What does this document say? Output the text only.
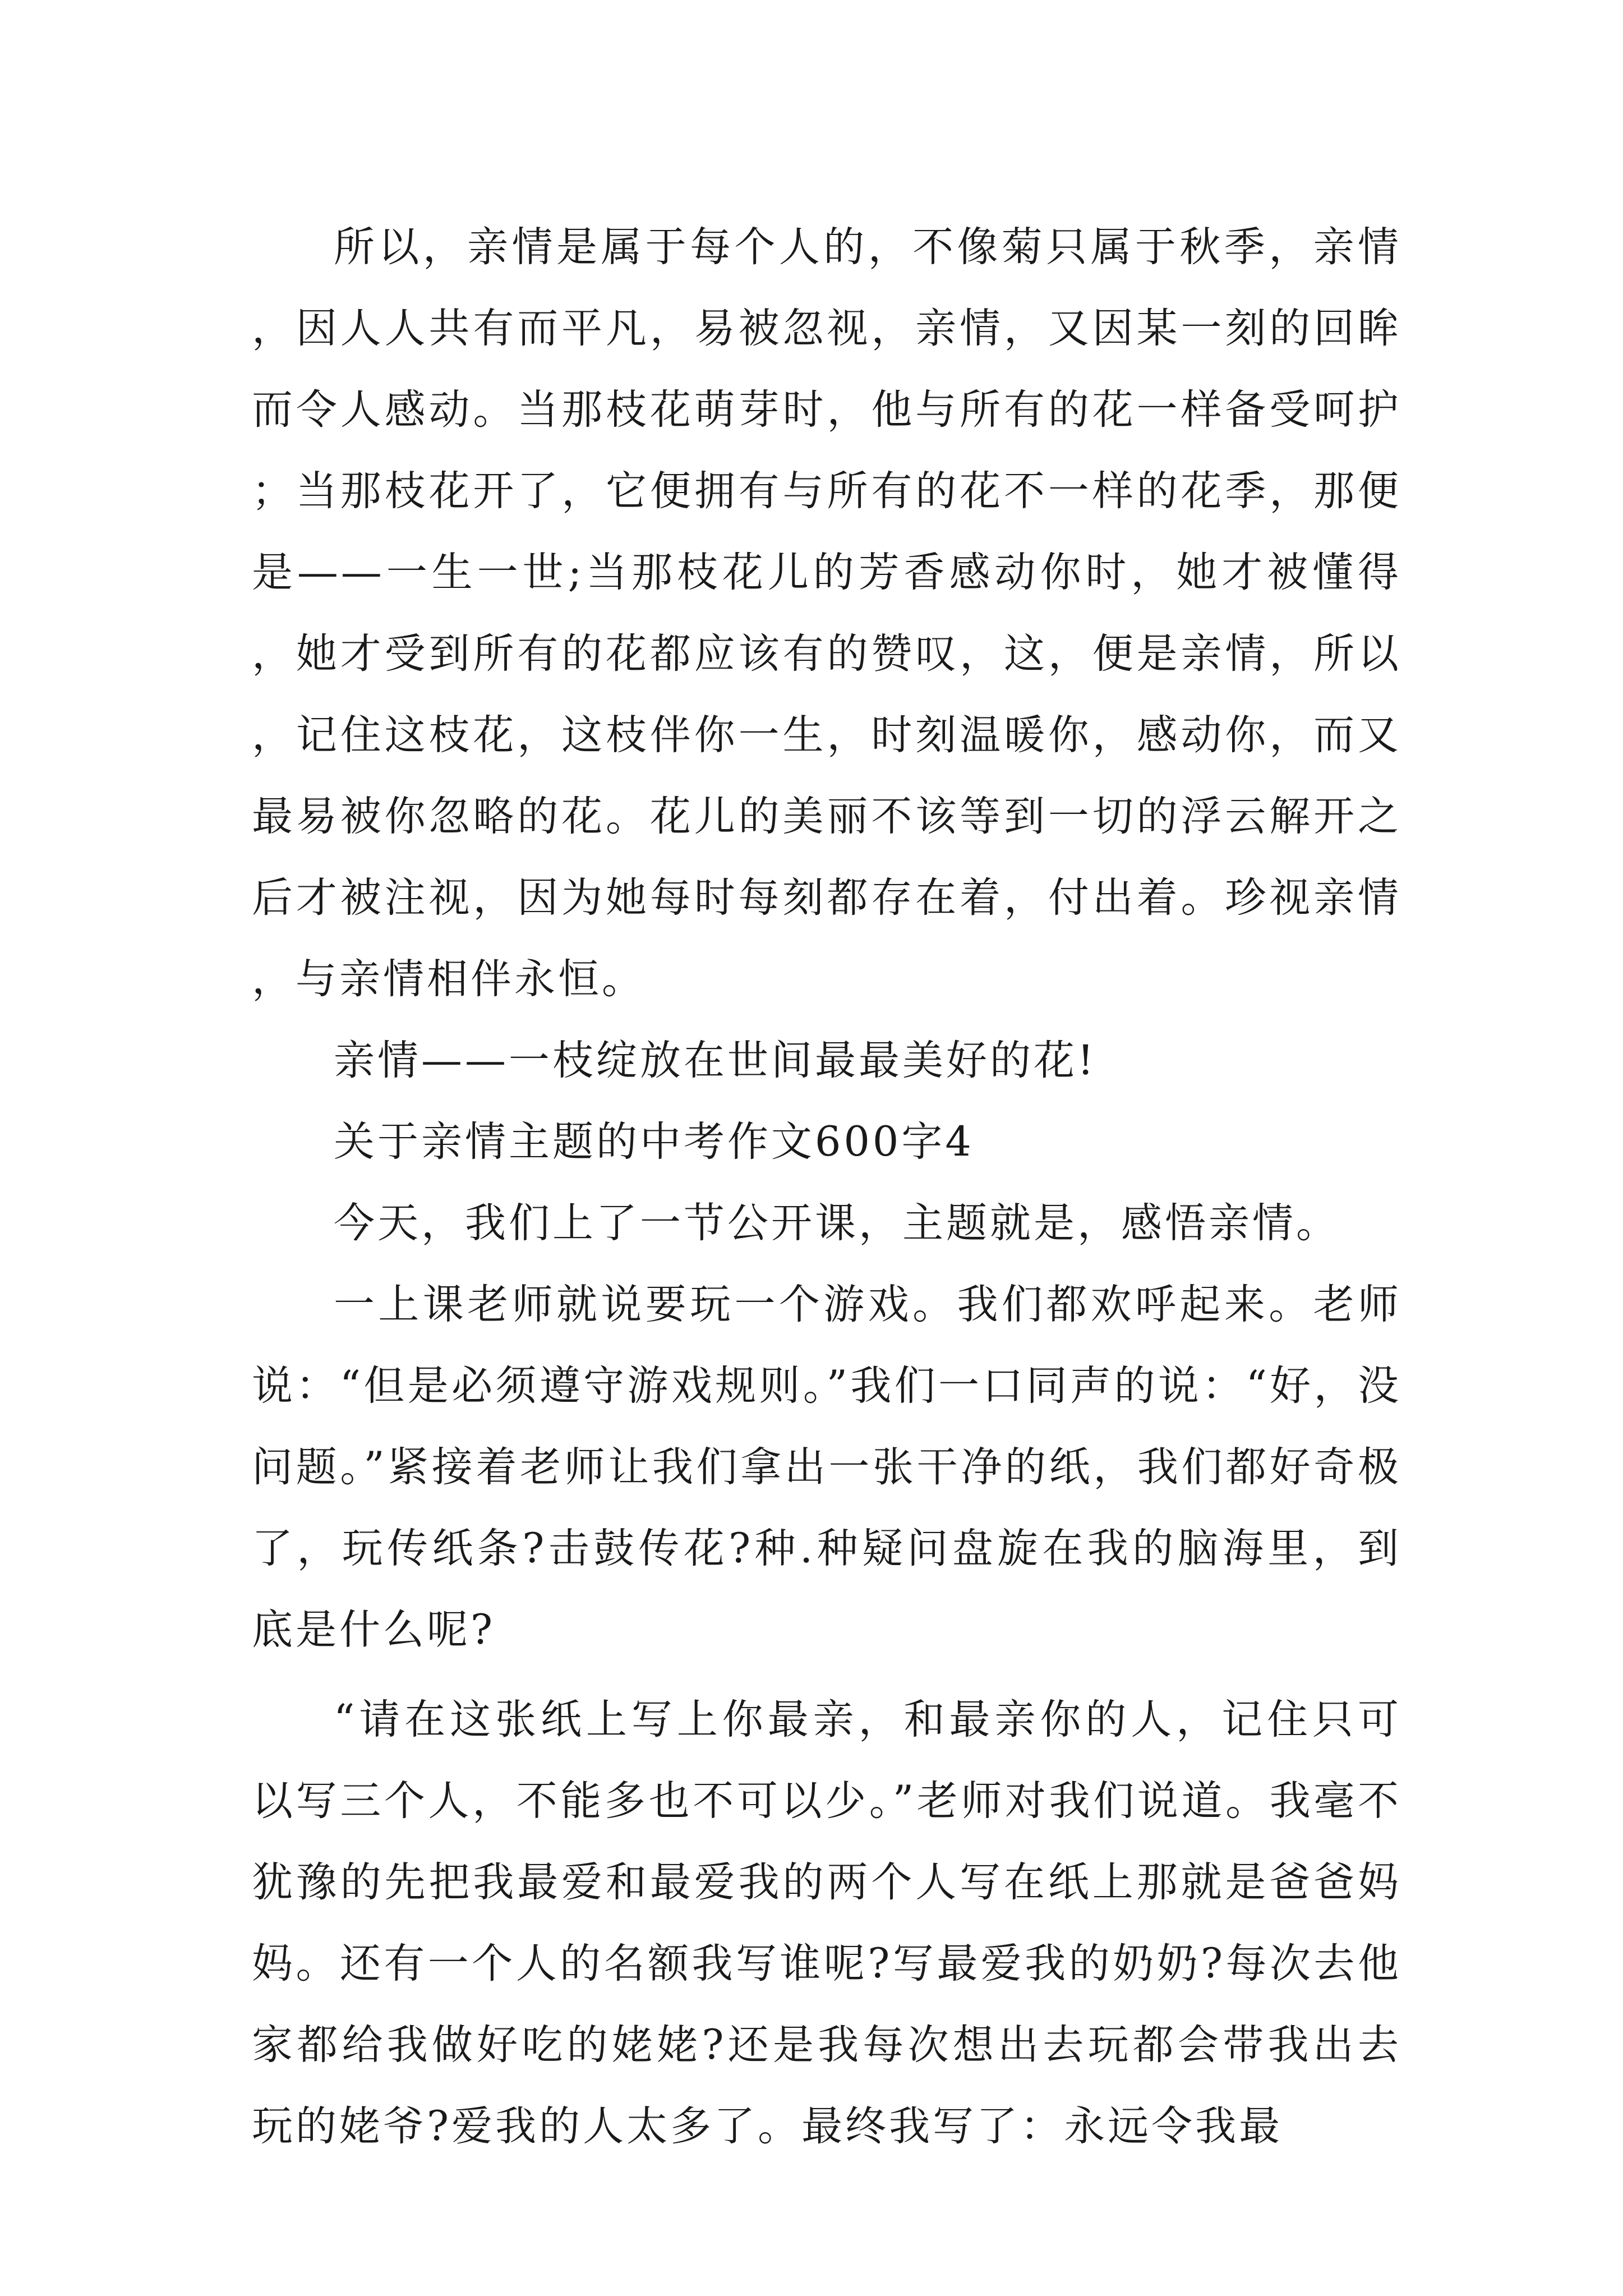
所以，亲情是属于每个人的，不像菊只属于秋季，亲情，因人人共有而平凡，易被忽视，亲情，又因某一刻的回眸而令人感动。当那枝花萌芽时，他与所有的花一样备受呵护；当那枝花开了，它便拥有与所有的花不一样的花季，那便是——一生一世;当那枝花儿的芳香感动你时，她才被懂得，她才受到所有的花都应该有的赞叹，这，便是亲情，所以，记住这枝花，这枝伴你一生，时刻温暖你，感动你，而又最易被你忽略的花。花儿的美丽不该等到一切的浮云解开之后才被注视，因为她每时每刻都存在着，付出着。珍视亲情，与亲情相伴永恒。

亲情——一枝绽放在世间最最美好的花!

关于亲情主题的中考作文600字4

今天，我们上了一节公开课，主题就是，感悟亲情。

一上课老师就说要玩一个游戏。我们都欢呼起来。老师说：“但是必须遵守游戏规则。”我们一口同声的说：“好，没问题。”紧接着老师让我们拿出一张干净的纸，我们都好奇极了，玩传纸条?击鼓传花?种.种疑问盘旋在我的脑海里，到底是什么呢?

“请在这张纸上写上你最亲，和最亲你的人，记住只可以写三个人，不能多也不可以少。”老师对我们说道。我毫不犹豫的先把我最爱和最爱我的两个人写在纸上那就是爸爸妈妈。还有一个人的名额我写谁呢?写最爱我的奶奶?每次去他家都给我做好吃的姥姥?还是我每次想出去玩都会带我出去玩的姥爷?爱我的人太多了。最终我写了：永远令我最
